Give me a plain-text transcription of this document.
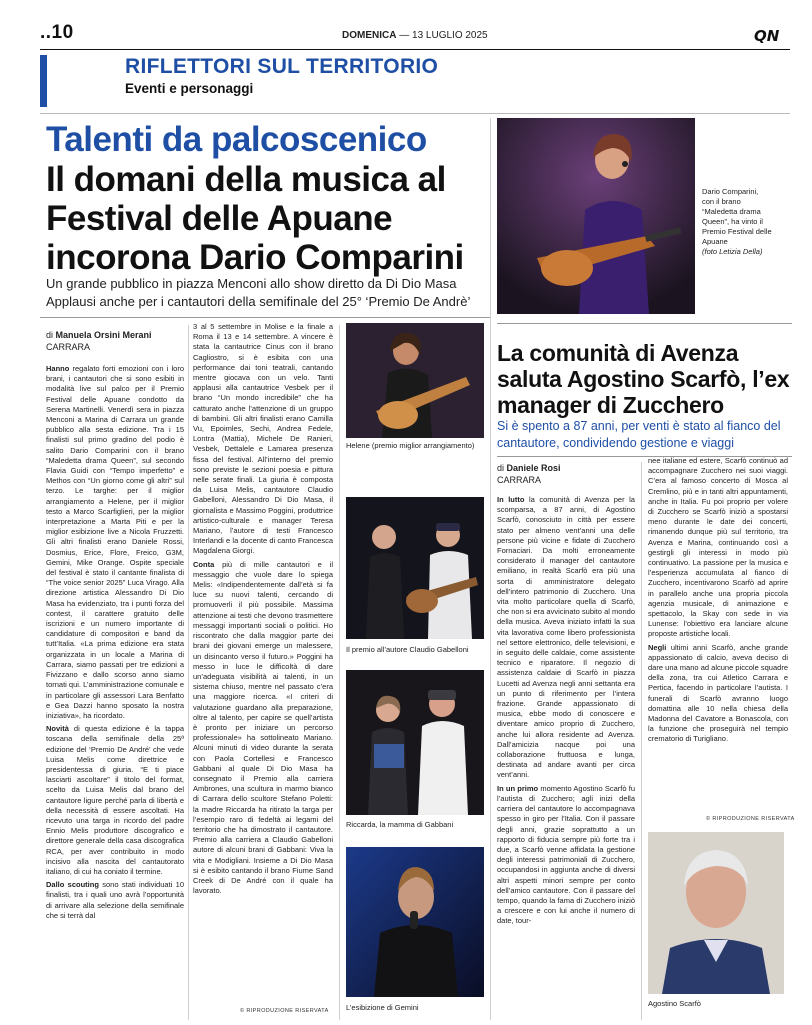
..10	DOMENICA — 13 LUGLIO 2025	QN
RIFLETTORI SUL TERRITORIO
Eventi e personaggi
Talenti da palcoscenico
Il domani della musica al Festival delle Apuane incorona Dario Comparini
Un grande pubblico in piazza Menconi allo show diretto da Di Dio Masa
Applausi anche per i cantautori della semifinale del 25° ‘Premio De Andrè’
Dario Comparini, con il brano “Maledetta drama Queen”, ha vinto il Premio Festival delle Apuane
(foto Letizia Della)
di Manuela Orsini Merani
CARRARA

Hanno regalato forti emozioni con i loro brani, i cantautori che si sono esibiti in modalità live sul palco per il Premio Festival delle Apuane condotto da Serena Martinelli. Venerdì sera in piazza Menconi a Marina di Carrara un grande pubblico alla sesta edizione. Tra i 15 finalisti sul primo gradino del podio è salito Dario Comparini con il brano “Maledetta drama Queen”, sul secondo Flavia Guidi con “Tempo imperfetto” e Methos con “Un giorno come gli altri” sul terzo. Le targhe: per il miglior arrangiamento a Helene, per il miglior testo a Marco Scarfiglieri, per la miglior interpretazione a Marta Piti e per la miglior esibizione live a Nicola Fruzzetti. Gli altri finalisti erano Daniele Rossi, Dosmius, Erice, Flore, Freico, G3M, Gemini, Mike Orange. Ospite speciale del festival è stato il cantante finalista di “The voice senior 2025” Luca Virago. Alla direzione artistica Alessandro Di Dio Masa ha evidenziato, tra i punti forza del contest, il carattere gratuito delle iscrizioni e un numero importante di candidature di compositori e band da tutt’Italia. «La prima edizione era stata organizzata in un locale a Marina di Carrara, siamo passati per tre edizioni a Fivizzano e dallo scorso anno siamo tornati qui. L’amministrazione comunale e in particolare gli assessori Lara Benfatto e Gea Dazzi hanno sposato la nostra iniziativa», ha ricordato.

Novità di questa edizione è la tappa toscana della semifinale della 25ª edizione del ‘Premio De André’ che vede Luisa Melis come direttrice e presidentessa di giuria. “E ti piace lasciarti ascoltare” il titolo del format, scelto da Luisa Melis dal brano del cantautore ligure perché parla di libertà e della necessità di essere ascoltati. Ha ricevuto una targa in ricordo del padre Ennio Melis produttore discografico e direttore generale della casa discografica RCA, per aver contribuito in modo incisivo alla nascita del cantautorato italiano, di cui ha coniato il termine.

Dallo scouting sono stati individuati 10 finalisti, tra i quali uno avrà l’opportunità di arrivare alla selezione della semifinale che si terrà dal

3 al 5 settembre in Molise e la finale a Roma il 13 e 14 settembre. A vincere è stata la cantautrice Cinus con il brano Cagliostro, si è esibita con una performance dai toni teatrali, cantando mentre giocava con un velo. Tanti applausi alla cantautrice Vesbek per il brano “Un mondo incredibile” che ha catturato anche l’attenzione di un gruppo di bambini. Gli altri finalisti erano Camilla Vu, Epoimles, Sechi, Andrea Fedele, Lontra (Mattia), Michele De Ranieri, Vesbek, Dettalele e Lamarea presenza fissa del festival. All’interno del premio sono previste le sezioni poesia e pittura nelle serate finali. La giuria è composta da Luisa Melis, cantautore Claudio Gabelloni, Alessandro Di Dio Masa, il giornalista e Massimo Poggini, produttrice artistico-culturale e manager Teresa Mariano, l’autore di testi Francesco Interlandi e la docente di canto Francesca Magdalena Giorgi.

Conta più di mille cantautori e il messaggio che vuole dare lo spiega Melis: «Indipendentemente dall’età si fa luce su nuovi talenti, cercando di promuoverli il più possibile. Massima attenzione ai testi che devono trasmettere messaggi importanti sociali o politici. Ho riscontrato che dalla maggior parte dei brani dei giovani emerge un malessere, un disincanto verso il futuro.» Poggini ha messo in luce le difficoltà di dare un’adeguata visibilità ai talenti, in un sistema chiuso, mentre nel passato c’era una maggiore ricerca. «I criteri di valutazione guardano alla preparazione, oltre al talento, per capire se quell’artista è pronto per iniziare un percorso professionale» ha sottolineato Mariano. Alcuni minuti di video durante la serata con Paola Cortellesi e Francesco Gabbani al quale Di Dio Masa ha consegnato il Premio alla carriera Ambrones, una scultura in marmo bianco di Carrara dello scultore Stefano Poletti: la madre Riccarda ha ritirato la targa per l’esempio raro di fedeltà ai legami del territorio che ha dimostrato il cantautore. Premio alla carriera a Claudio Gabelloni autore di alcuni brani di Gabbani: Viva la vita e Modigliani. Insieme a Di Dio Masa si è esibito cantando il brano Fiume Sand Creek di De André con il quale ha lavorato.

© RIPRODUZIONE RISERVATA
Helene (premio miglior arrangiamento)
Il premio all’autore Claudio Gabelloni
Riccarda, la mamma di Gabbani
L’esibizione di Gemini
La comunità di Avenza saluta Agostino Scarfò, l’ex manager di Zucchero
Si è spento a 87 anni, per venti è stato al fianco del cantautore, condividendo gestione e viaggi
di Daniele Rosi
CARRARA

In lutto la comunità di Avenza per la scomparsa, a 87 anni, di Agostino Scarfò, conosciuto in città per essere stato per almeno vent’anni una delle persone più vicine e fidate di Zucchero Fornaciari. Da molti erroneamente considerato il manager del cantautore emiliano, in realtà Scarfò era più una sorta di amministratore delegato dell’intero patrimonio di Zucchero. Una vita molto particolare quella di Scarfò, che non si era avvicinato subito al mondo della musica. Aveva iniziato infatti la sua vita lavorativa come libero professionista nel settore elettronico, delle televisioni, e in seguito delle caldaie, come assistente tecnico e riparatore. Il negozio di assistenza caldaie di Scarfò in piazza Lucetti ad Avenza negli anni settanta era un punto di riferimento per l’intera frazione. Grande appassionato di musica, ebbe modo di conoscere e diventare amico proprio di Zucchero, anche lui allora residente ad Avenza. Dall’amicizia nacque poi una collaborazione fruttuosa e lunga, destinata ad andare avanti per circa vent’anni.

In un primo momento Agostino Scarfò fu l’autista di Zucchero; agli inizi della carriera del cantautore lo accompagnava spesso in giro per l’Italia. Con il passare degli anni, grazie soprattutto a un rapporto di fiducia sempre più forte tra i due, a Scarfò venne affidata la gestione degli interessi patrimoniali di Zucchero, occupandosi in aggiunta anche di diversi altri aspetti minori sempre per conto dell’amico cantautore. Con il passare del tempo, quando la fama di Zucchero iniziò a crescere e con lui anche il numero di date, tour-

nee italiane ed estere, Scarfò continuò ad accompagnare Zucchero nei suoi viaggi. C’era al famoso concerto di Mosca al Cremlino, più e in tanti altri appuntamenti, anche in Italia. Fu poi proprio per volere di Zucchero se Scarfò iniziò a spostarsi meno durante le date dei concerti, rimanendo dunque più sul territorio, tra Avenza e Marina, continuando così a gestirgli gli interessi in modo più continuativo. La passione per la musica e l’esperienza accumulata al fianco di Zucchero, incentivarono Scarfò ad aprire in parallelo anche una propria piccola agenzia musicale, di animazione e spettacolo, la Skay con sede in via Lunense: l’obiettivo era lanciare alcune proposte artistiche locali.

Negli ultimi anni Scarfò, anche grande appassionato di calcio, aveva deciso di dare una mano ad alcune piccole squadre della zona, tra cui Atletico Carrara e Pertica, facendo in particolare l’autista. I funerali di Scarfò avranno luogo domattina alle 10 nella chiesa della Madonna del Cavatore a Bonascola, con la funzione che proseguirà nel tempio crematorio di Turigliano.

© RIPRODUZIONE RISERVATA
Agostino Scarfò
